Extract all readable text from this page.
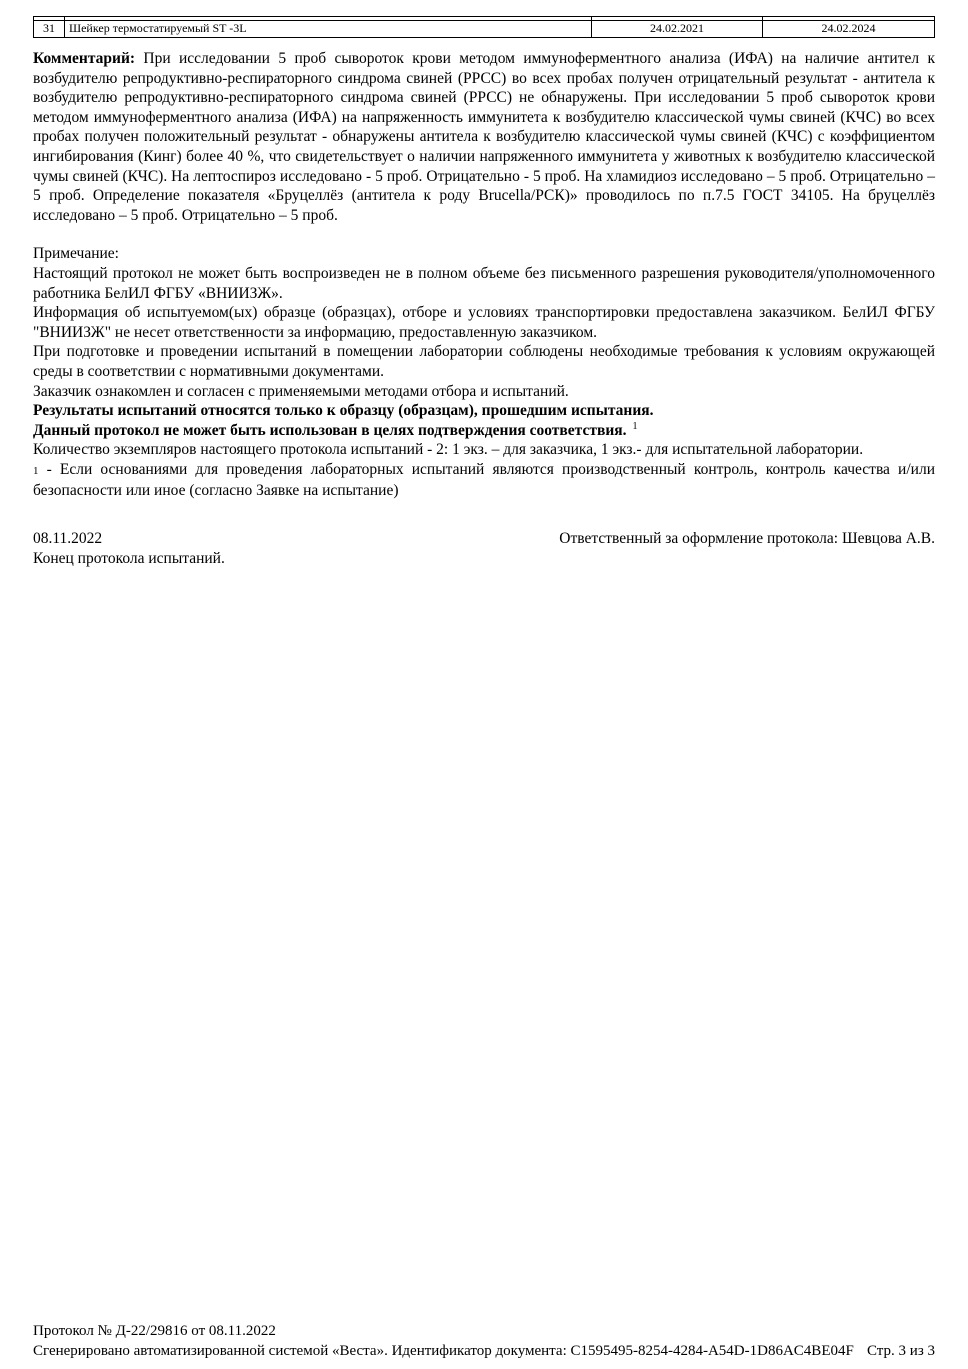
31	Шейкер термостатируемый ST -3L	24.02.2021	24.02.2024

Комментарий: При исследовании 5 проб сывороток крови методом иммуноферментного анализа (ИФА) на наличие антител к возбудителю репродуктивно-респираторного синдрома свиней (РРСС) во всех пробах получен отрицательный результат - антитела к возбудителю репродуктивно-респираторного синдрома свиней (РРСС) не обнаружены. При исследовании 5 проб сывороток крови методом иммуноферментного анализа (ИФА) на напряженность иммунитета к возбудителю классической чумы свиней (КЧС) во всех пробах получен положительный результат - обнаружены антитела к возбудителю классической чумы свиней (КЧС) с коэффициентом ингибирования (Кинг) более 40 %, что свидетельствует о наличии напряженного иммунитета у животных к возбудителю классической чумы свиней (КЧС). На лептоспироз исследовано - 5 проб. Отрицательно - 5 проб. На хламидиоз исследовано – 5 проб. Отрицательно – 5 проб. Определение показателя «Бруцеллёз (антитела к роду Brucella/РСК)» проводилось по п.7.5 ГОСТ 34105. На бруцеллёз исследовано – 5 проб. Отрицательно – 5 проб.

Примечание:
Настоящий протокол не может быть воспроизведен не в полном объеме без письменного разрешения руководителя/уполномоченного работника БелИЛ ФГБУ «ВНИИЗЖ».
Информация об испытуемом(ых) образце (образцах), отборе и условиях транспортировки предоставлена заказчиком. БелИЛ ФГБУ "ВНИИЗЖ" не несет ответственности за информацию, предоставленную заказчиком.
При подготовке и проведении испытаний в помещении лаборатории соблюдены необходимые требования к условиям окружающей среды в соответствии с нормативными документами.
Заказчик ознакомлен и согласен с применяемыми методами отбора и испытаний.
Результаты испытаний относятся только к образцу (образцам), прошедшим испытания.
Данный протокол не может быть использован в целях подтверждения соответствия. $^1$
Количество экземпляров настоящего протокола испытаний - 2: 1 экз. – для заказчика, 1 экз.- для испытательной лаборатории.
1 - Если основаниями для проведения лабораторных испытаний являются производственный контроль, контроль качества и/или безопасности или иное (согласно Заявке на испытание)
08.11.2022	Ответственный за оформление протокола: Шевцова А.В.
Конец протокола испытаний.
Протокол № Д-22/29816 от 08.11.2022
Сгенерировано автоматизированной системой «Веста». Идентификатор документа: C1595495-8254-4284-A54D-1D86AC4BE04F Стр. 3 из 3
